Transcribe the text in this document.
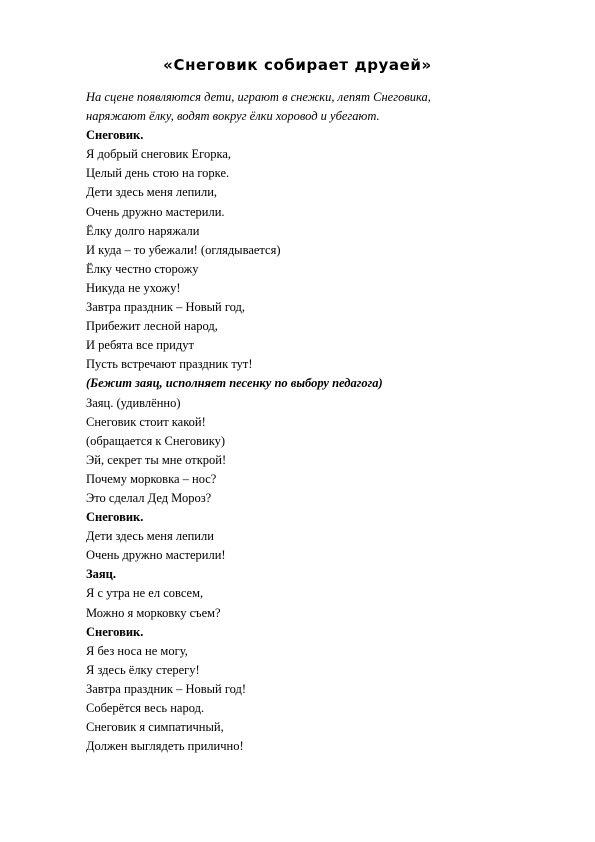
«Снеговик собирает друаей»
На сцене появляются дети, играют в снежки, лепят Снеговика,
наряжают ёлку, водят вокруг ёлки хоровод и убегают.
Снеговик.
Я добрый снеговик Егорка,
Целый день стою на горке.
Дети здесь меня лепили,
Очень дружно мастерили.
Ёлку долго наряжали
И куда – то убежали! (оглядывается)
Ёлку честно сторожу
Никуда не ухожу!
Завтра праздник – Новый год,
Прибежит лесной народ,
И ребята все придут
Пусть встречают праздник тут!
(Бежит заяц, исполняет песенку по выбору педагога)
Заяц. (удивлённо)
Снеговик стоит какой!
(обращается к Снеговику)
Эй, секрет ты мне открой!
Почему морковка – нос?
Это сделал Дед Мороз?
Снеговик.
Дети здесь меня лепили
Очень дружно мастерили!
Заяц.
Я с утра не ел совсем,
Можно я морковку съем?
Снеговик.
Я без носа не могу,
Я здесь ёлку стерегу!
Завтра праздник – Новый год!
Соберётся весь народ.
Снеговик я симпатичный,
Должен выглядеть прилично!
